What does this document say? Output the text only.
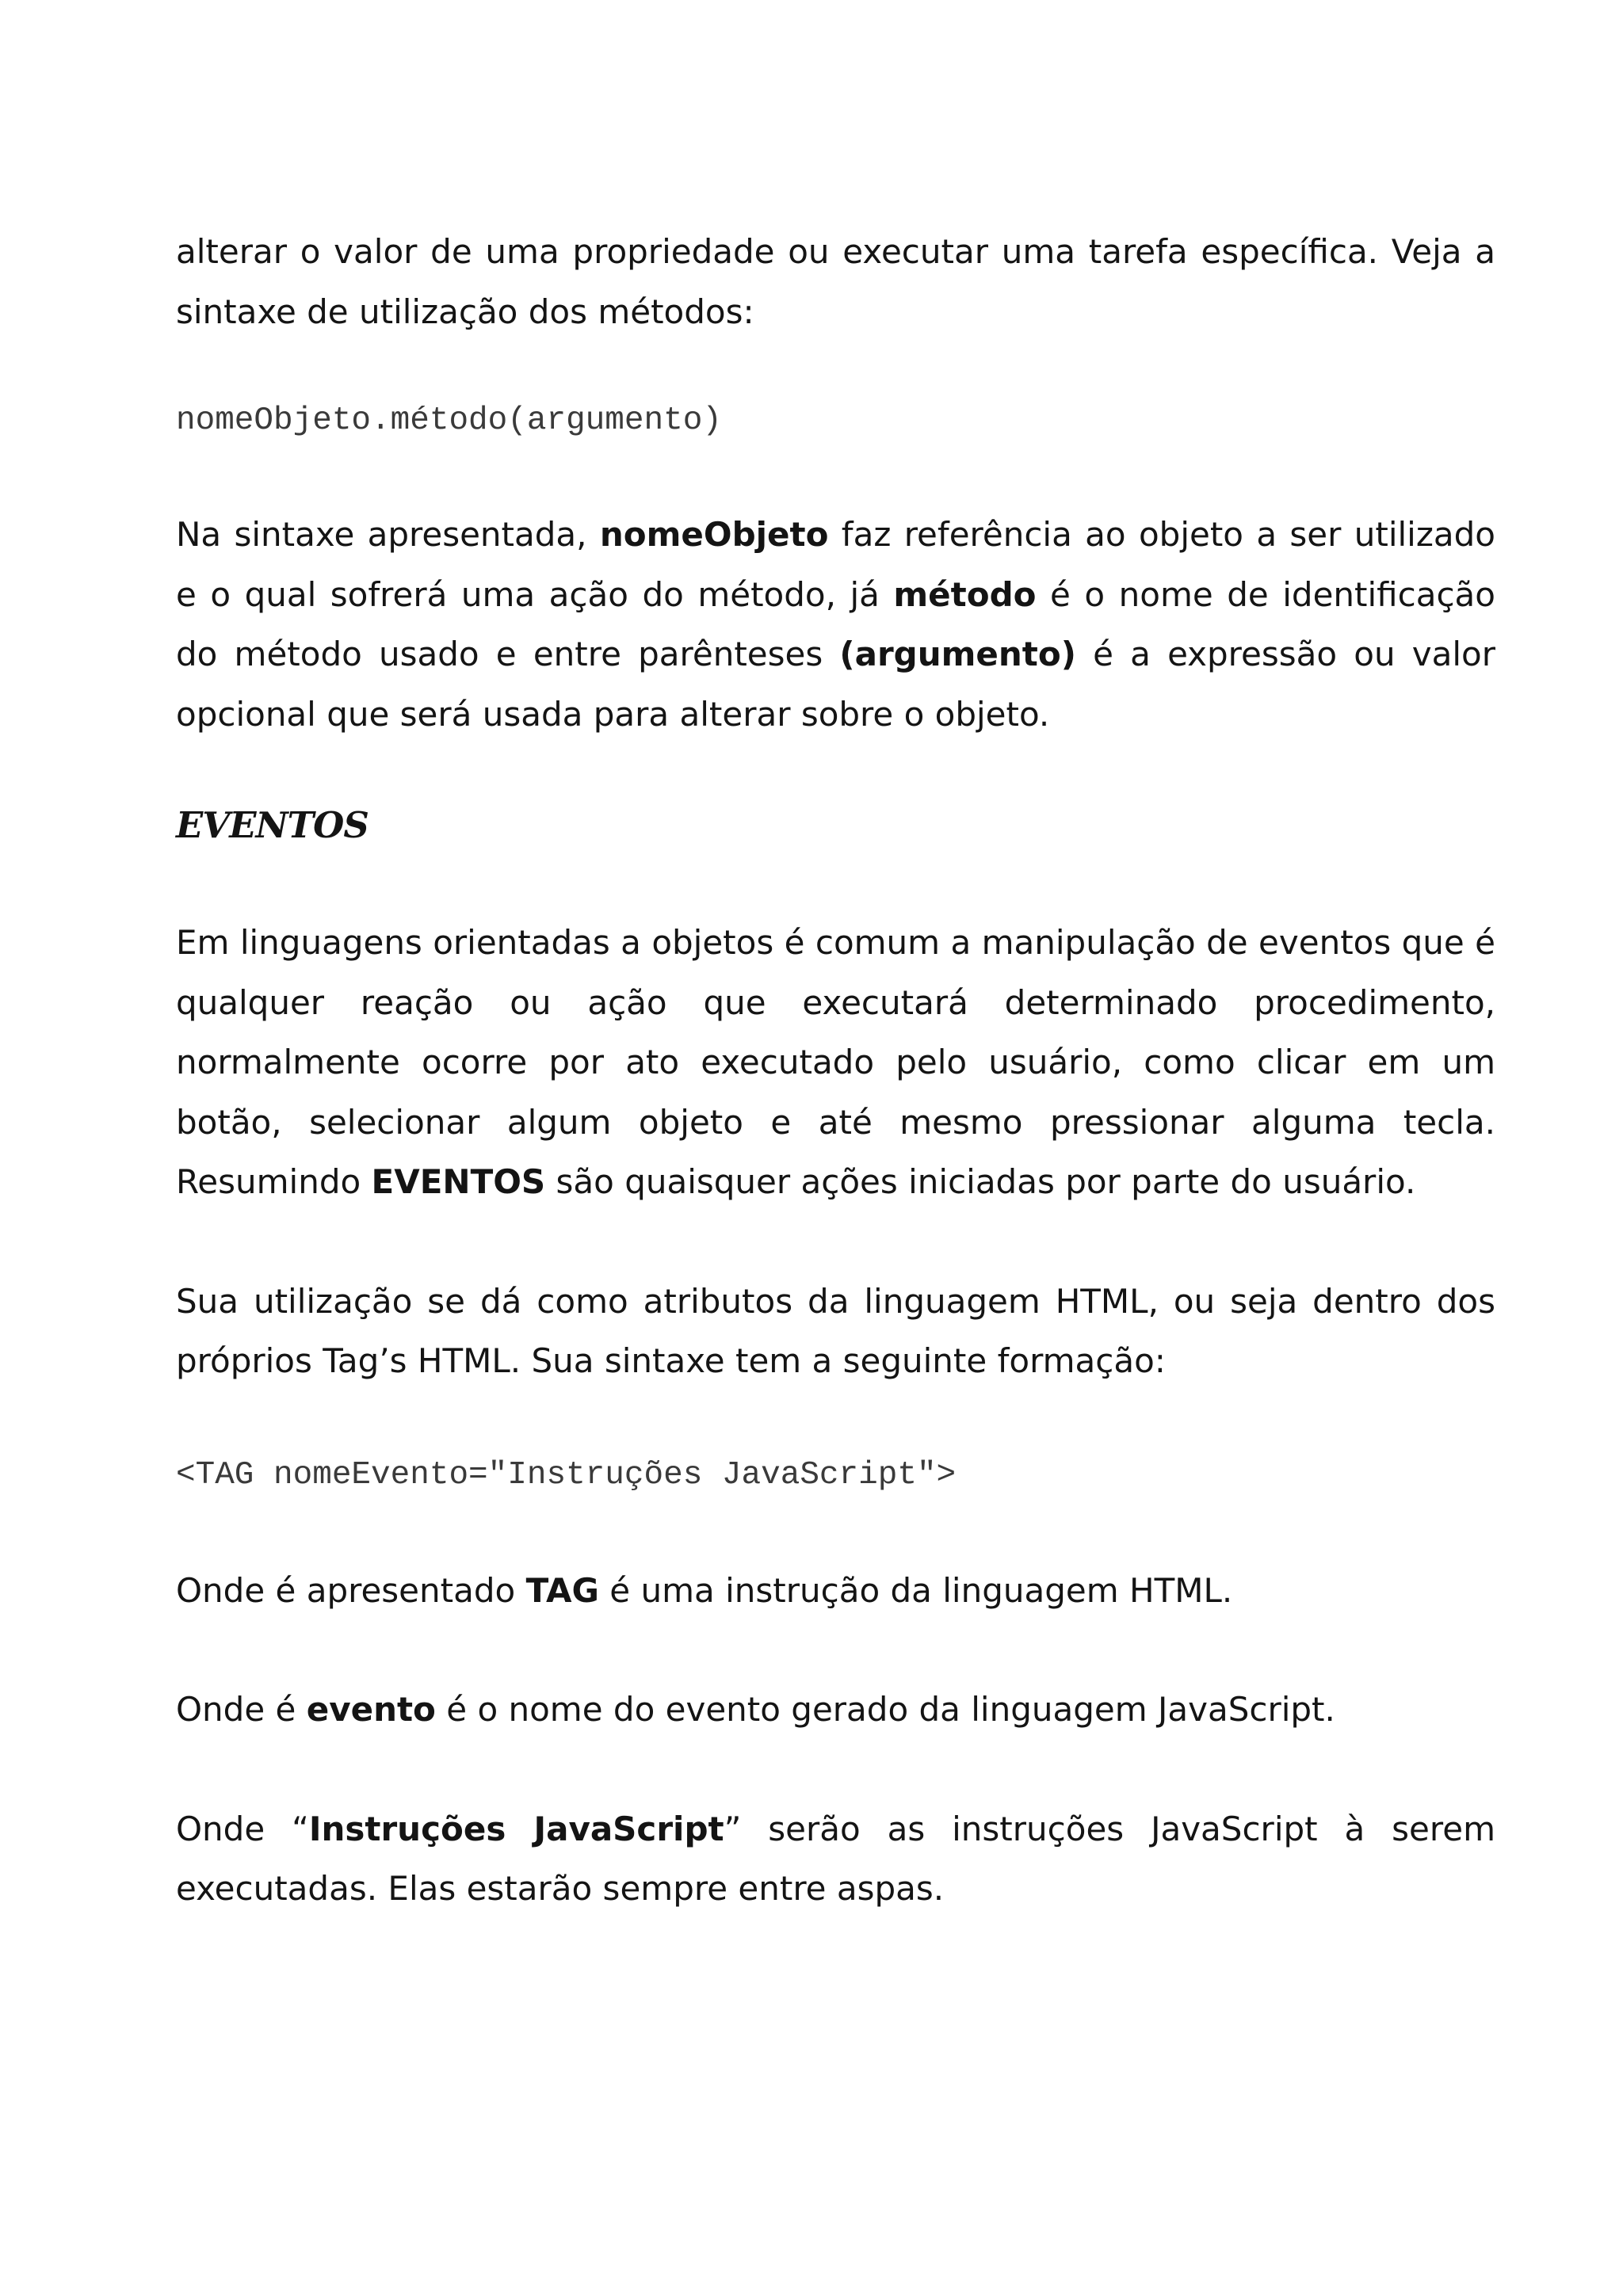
alterar o valor de uma propriedade ou executar uma tarefa específica. Veja a
sintaxe de utilização dos métodos:

nomeObjeto.método(argumento)

Na sintaxe apresentada, nomeObjeto faz referência ao objeto a ser utilizado e o qual sofrerá uma ação do método, já método é o nome de identificação do método usado e entre parênteses (argumento) é a expressão ou valor opcional que será usada para alterar sobre o objeto.

EVENTOS

Em linguagens orientadas a objetos é comum a manipulação de eventos que é qualquer reação ou ação que executará determinado procedimento, normalmente ocorre por ato executado pelo usuário, como clicar em um botão, selecionar algum objeto e até mesmo pressionar alguma tecla. Resumindo EVENTOS são quaisquer ações iniciadas por parte do usuário.

Sua utilização se dá como atributos da linguagem HTML, ou seja dentro dos próprios Tag’s HTML. Sua sintaxe tem a seguinte formação:

<TAG nomeEvento="Instruções JavaScript">

Onde é apresentado TAG é uma instrução da linguagem HTML.

Onde é evento é o nome do evento gerado da linguagem JavaScript.

Onde “Instruções JavaScript” serão as instruções JavaScript à serem executadas. Elas estarão sempre entre aspas.
